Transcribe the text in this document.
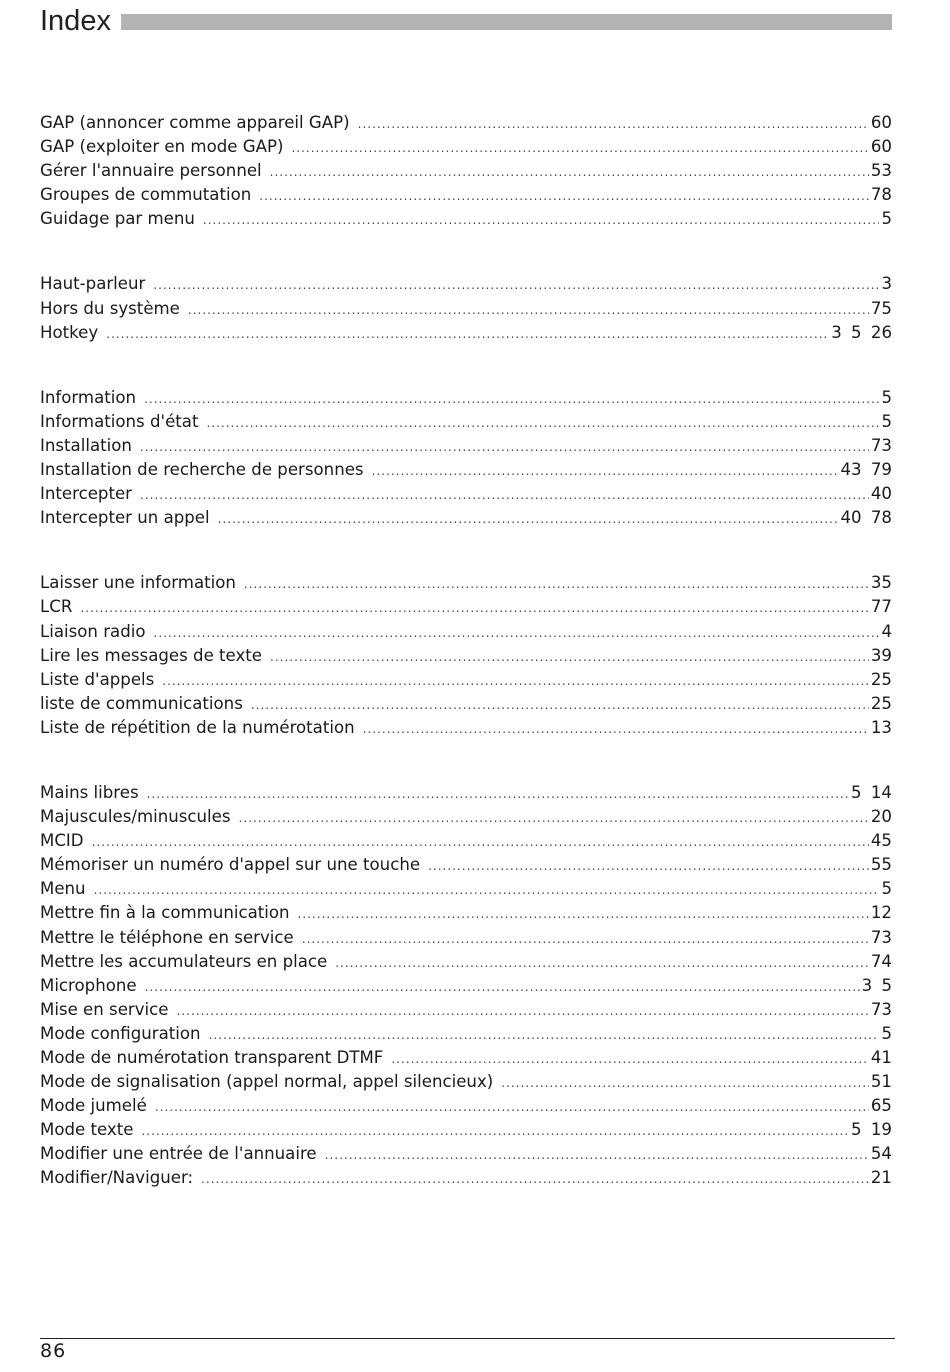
Index
GAP (annoncer comme appareil GAP) .....	60
GAP (exploiter en mode GAP) .....	60
Gérer l'annuaire personnel .....	53
Groupes de commutation .....	78
Guidage par menu .....	5
Haut-parleur .....	3
Hors du système .....	75
Hotkey .....	3 5 26
Information .....	5
Informations d'état .....	5
Installation .....	73
Installation de recherche de personnes .....	43 79
Intercepter .....	40
Intercepter un appel .....	40 78
Laisser une information .....	35
LCR .....	77
Liaison radio .....	4
Lire les messages de texte .....	39
Liste d'appels .....	25
liste de communications .....	25
Liste de répétition de la numérotation .....	13
Mains libres .....	5 14
Majuscules/minuscules .....	20
MCID .....	45
Mémoriser un numéro d'appel sur une touche .....	55
Menu .....	5
Mettre fin à la communication .....	12
Mettre le téléphone en service .....	73
Mettre les accumulateurs en place .....	74
Microphone .....	3 5
Mise en service .....	73
Mode configuration .....	5
Mode de numérotation transparent DTMF .....	41
Mode de signalisation (appel normal, appel silencieux) .....	51
Mode jumelé .....	65
Mode texte .....	5 19
Modifier une entrée de l'annuaire .....	54
Modifier/Naviguer: .....	21
86
